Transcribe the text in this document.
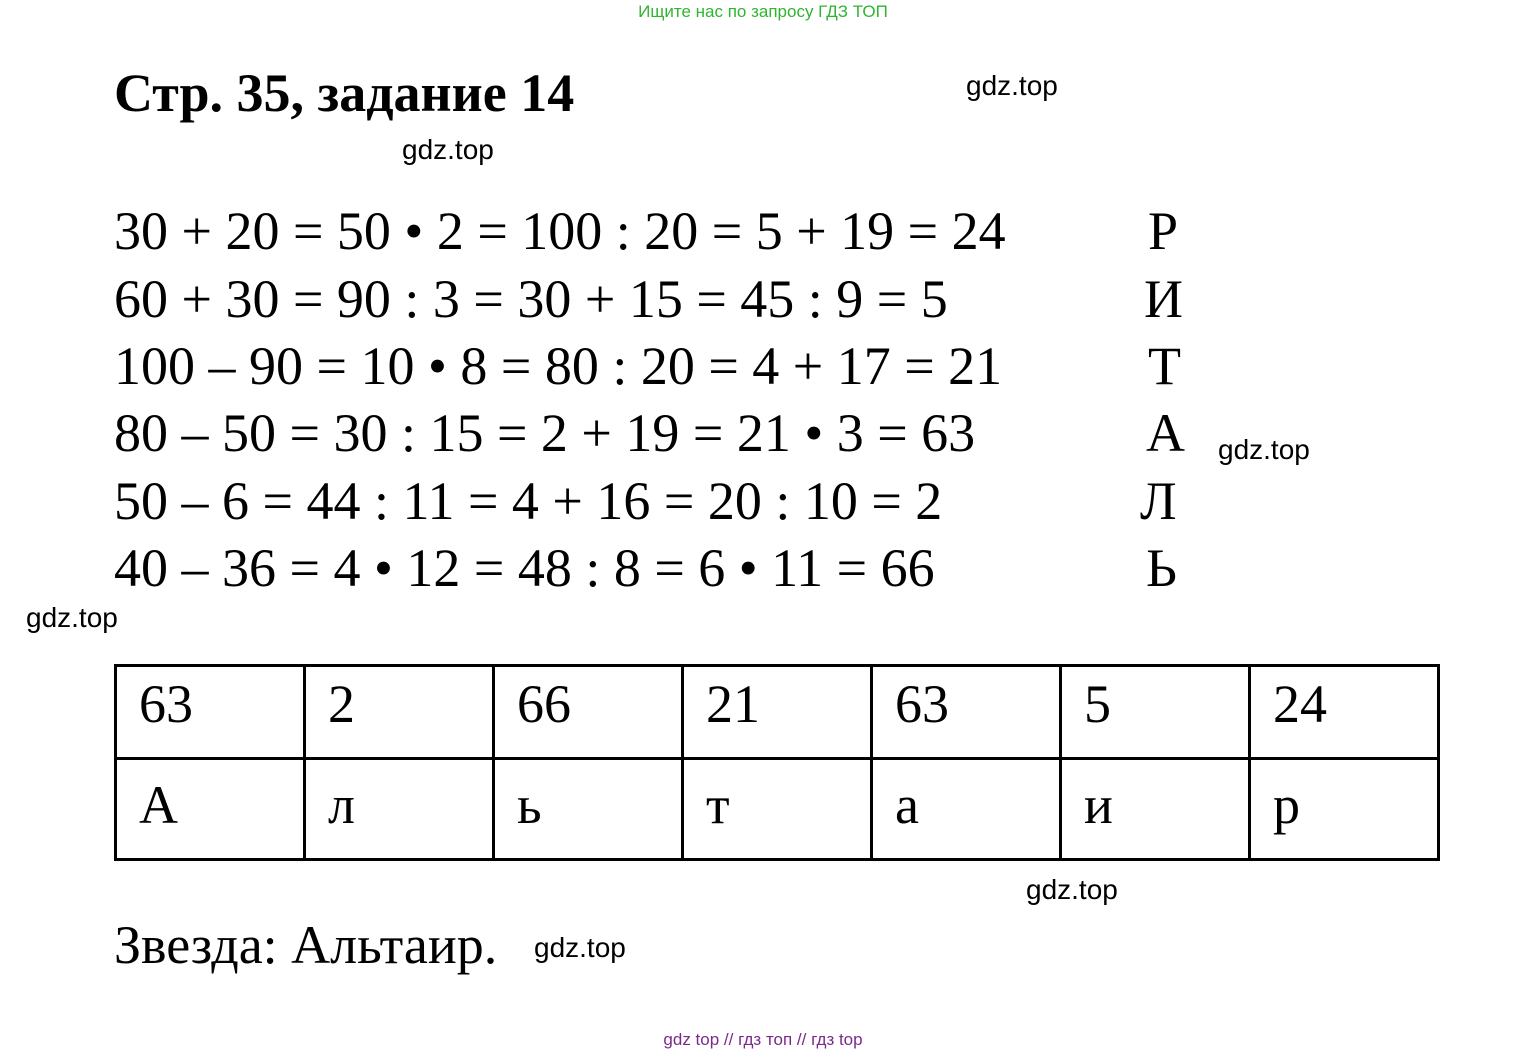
Ищите нас по запросу ГДЗ ТОП
Стр. 35, задание 14	gdz.top
gdz.top
gdz.top
gdz.top
gdz.top
gdz.top
30 + 20 = 50 • 2 = 100 : 20 = 5 + 19 = 24	Р
60 + 30 = 90 : 3 = 30 + 15 = 45 : 9 = 5	И
100 – 90 = 10 • 8 = 80 : 20 = 4 + 17 = 21	Т
80 – 50 = 30 : 15 = 2 + 19 = 21 • 3 = 63	А
50 – 6 = 44 : 11 = 4 + 16 = 20 : 10 = 2	Л
40 – 36 = 4 • 12 = 48 : 8 = 6 • 11 = 66	Ь
63	2	66	21	63	5	24
А	л	ь	т	а	и	р
Звезда: Альтаир.
gdz top // гдз топ // гдз top
